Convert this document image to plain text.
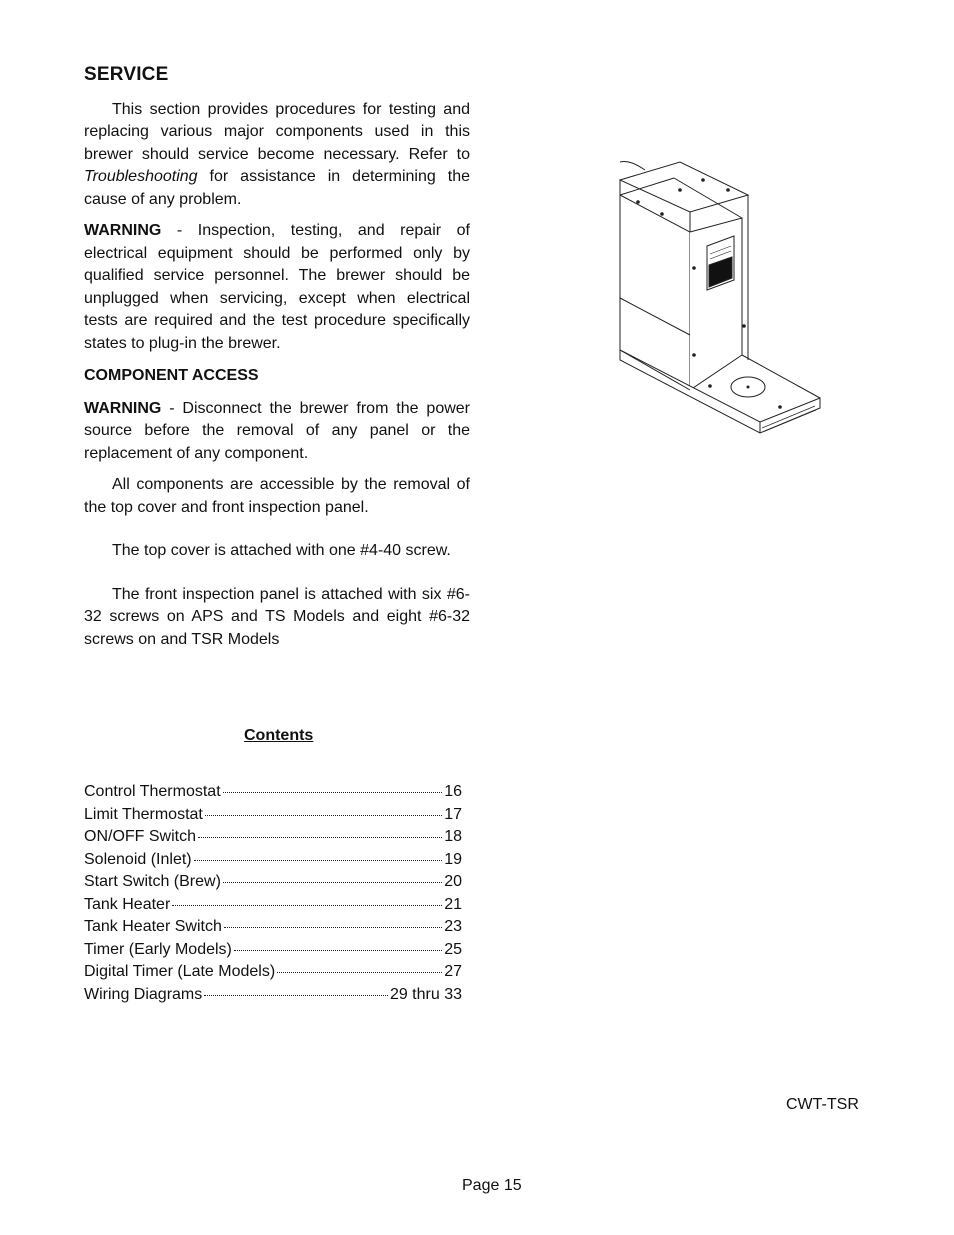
SERVICE

This section provides procedures for testing and replacing various major components used in this brewer should service become necessary. Refer to Troubleshooting for assistance in determining the cause of any problem.

WARNING - Inspection, testing, and repair of electrical equipment should be performed only by qualified service personnel. The brewer should be unplugged when servicing, except when electrical tests are required and the test procedure specifically states to plug-in the brewer.

COMPONENT ACCESS

WARNING - Disconnect the brewer from the power source before the removal of any panel or the replacement of any component.

All components are accessible by the removal of the top cover and front inspection panel.

The top cover is attached with one #4-40 screw.

The front inspection panel is attached with six #6-32 screws on APS and TS Models and eight #6-32 screws on and TSR Models

Contents
Control Thermostat	16
Limit Thermostat	17
ON/OFF Switch	18
Solenoid (Inlet)	19
Start Switch (Brew)	20
Tank Heater	21
Tank Heater Switch	23
Timer (Early Models)	25
Digital Timer (Late Models)	27
Wiring Diagrams	29 thru 33
CWT-TSR
Page 15
